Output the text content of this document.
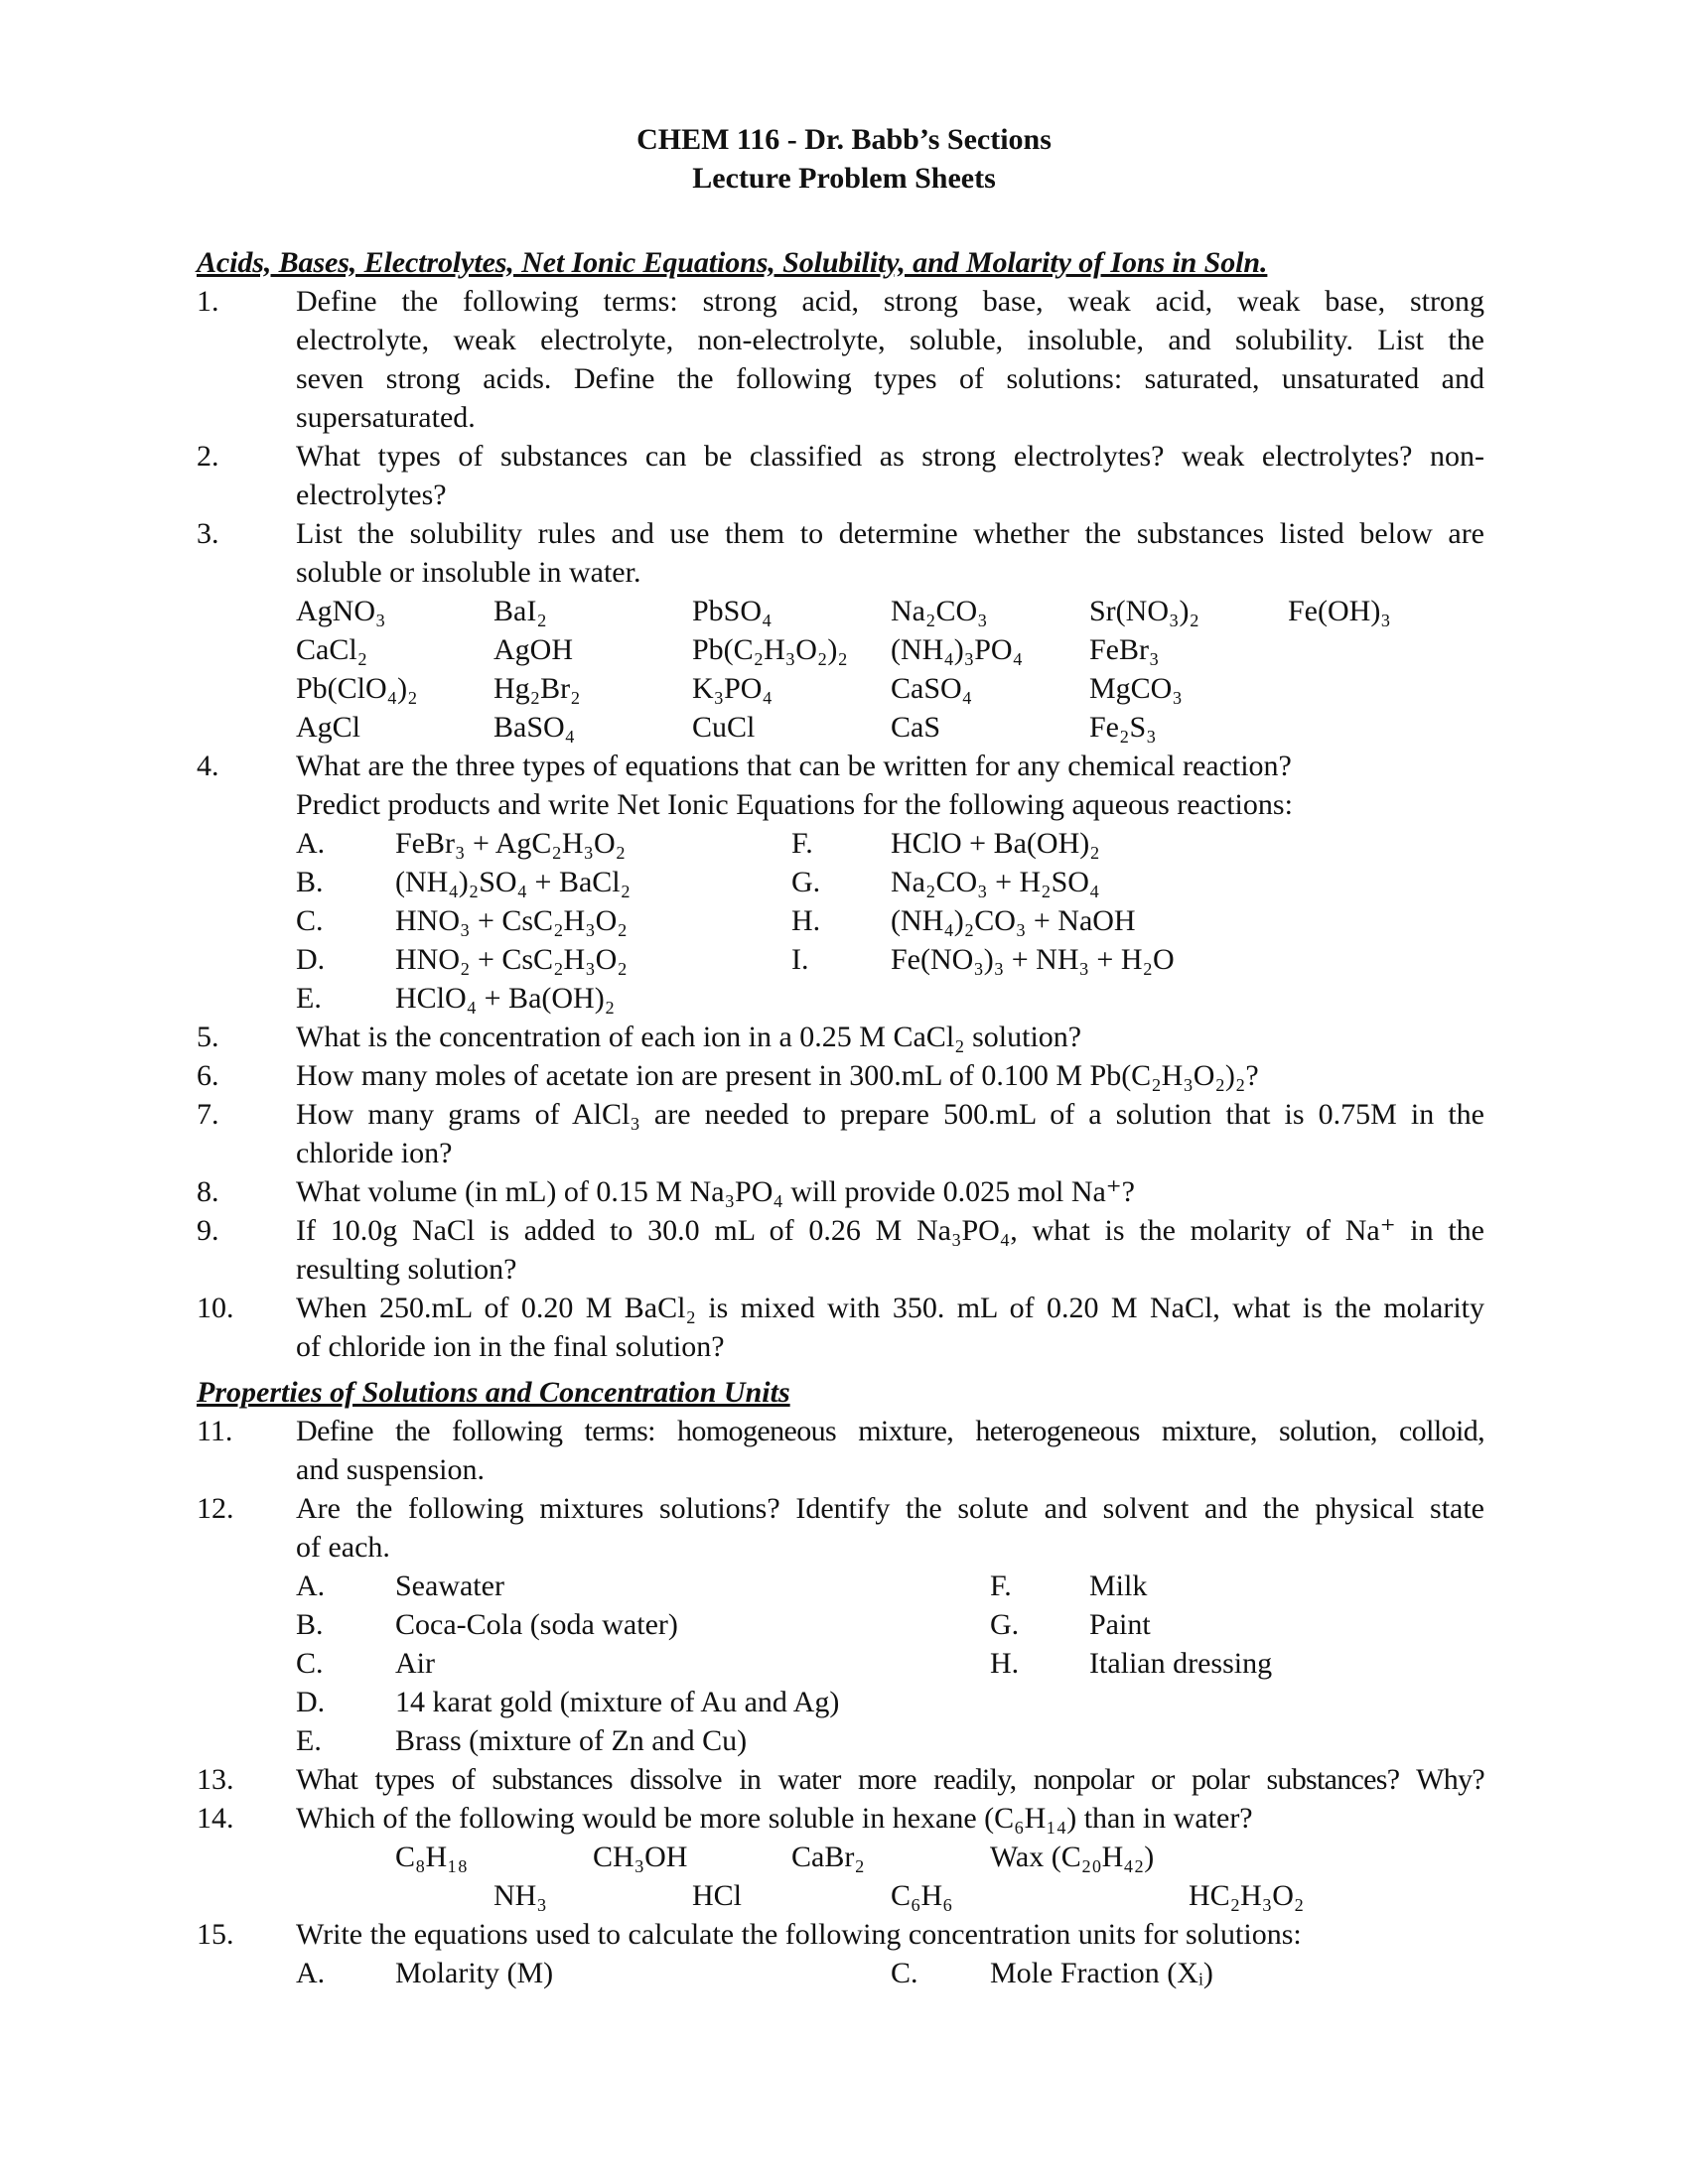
CHEM 116 - Dr. Babb’s Sections
Lecture Problem Sheets
Acids, Bases, Electrolytes, Net Ionic Equations, Solubility, and Molarity of Ions in Soln.
1.	Define the following terms: strong acid, strong base, weak acid, weak base, strong
electrolyte, weak electrolyte, non-electrolyte, soluble, insoluble, and solubility. List the
seven strong acids. Define the following types of solutions: saturated, unsaturated and
supersaturated.
2.	What types of substances can be classified as strong electrolytes? weak electrolytes? non-
electrolytes?
3.	List the solubility rules and use them to determine whether the substances listed below are
soluble or insoluble in water.
AgNO₃	BaI₂	PbSO₄	Na₂CO₃	Sr(NO₃)₂	Fe(OH)₃
CaCl₂	AgOH	Pb(C₂H₃O₂)₂ (NH₄)₃PO₄ FeBr₃
Pb(ClO₄)₂	Hg₂Br₂	K₃PO₄	CaSO₄	MgCO₃
AgCl	BaSO₄	CuCl	CaS	Fe₂S₃
4.	What are the three types of equations that can be written for any chemical reaction?
Predict products and write Net Ionic Equations for the following aqueous reactions:
A. FeBr₃ + AgC₂H₃O₂	F.	HClO + Ba(OH)₂
B. (NH₄)₂SO₄ + BaCl₂	G. Na₂CO₃ + H₂SO₄
C. HNO₃ + CsC₂H₃O₂	H. (NH₄)₂CO₃ + NaOH
D. HNO₂ + CsC₂H₃O₂	I.	Fe(NO₃)₃ + NH₃ + H₂O
E. HClO₄ + Ba(OH)₂
5.	What is the concentration of each ion in a 0.25 M CaCl₂ solution?
6.	How many moles of acetate ion are present in 300.mL of 0.100 M Pb(C₂H₃O₂)₂?
7.	How many grams of AlCl₃ are needed to prepare 500.mL of a solution that is 0.75M in the
chloride ion?
8.	What volume (in mL) of 0.15 M Na₃PO₄ will provide 0.025 mol Na⁺?
9.	If 10.0g NaCl is added to 30.0 mL of 0.26 M Na₃PO₄, what is the molarity of Na⁺ in the
resulting solution?
10. When 250.mL of 0.20 M BaCl₂ is mixed with 350. mL of 0.20 M NaCl, what is the molarity
of chloride ion in the final solution?
Properties of Solutions and Concentration Units
11. Define the following terms: homogeneous mixture, heterogeneous mixture, solution, colloid,
and suspension.
12. Are the following mixtures solutions? Identify the solute and solvent and the physical state
of each.
A. Seawater	F.	Milk
B. Coca-Cola (soda water)	G. Paint
C. Air	H. Italian dressing
D. 14 karat gold (mixture of Au and Ag)
E. Brass (mixture of Zn and Cu)
13. What types of substances dissolve in water more readily, nonpolar or polar substances? Why?
14. Which of the following would be more soluble in hexane (C₆H₁₄) than in water?
C₈H₁₈	CH₃OH	CaBr₂	Wax (C₂₀H₄₂)
NH₃	HCl	C₆H₆	HC₂H₃O₂
15. Write the equations used to calculate the following concentration units for solutions:
A. Molarity (M)	C. Mole Fraction (Xᵢ)
